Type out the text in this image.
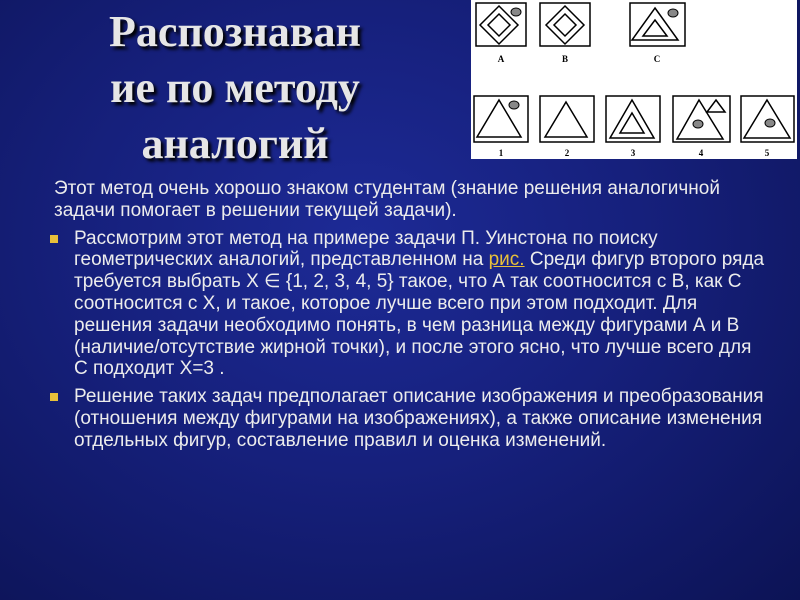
Распознаван
ие по методу
аналогий
A	B	C
1	2	3	4	5

Этот метод очень хорошо знаком студентам (знание решения аналогичной задачи помогает в решении текущей задачи).

Рассмотрим этот метод на примере задачи П. Уинстона по поиску геометрических аналогий, представленном на рис. Среди фигур второго ряда требуется выбрать Х ∈ {1, 2, 3, 4, 5} такое, что А так соотносится с В, как С соотносится с Х, и такое, которое лучше всего при этом подходит. Для решения задачи необходимо понять, в чем разница между фигурами А и В (наличие/отсутствие жирной точки), и после этого ясно, что лучше всего для С подходит Х=3 .

Решение таких задач предполагает описание изображения и преобразования (отношения между фигурами на изображениях), а также описание изменения отдельных фигур, составление правил и оценка изменений.
